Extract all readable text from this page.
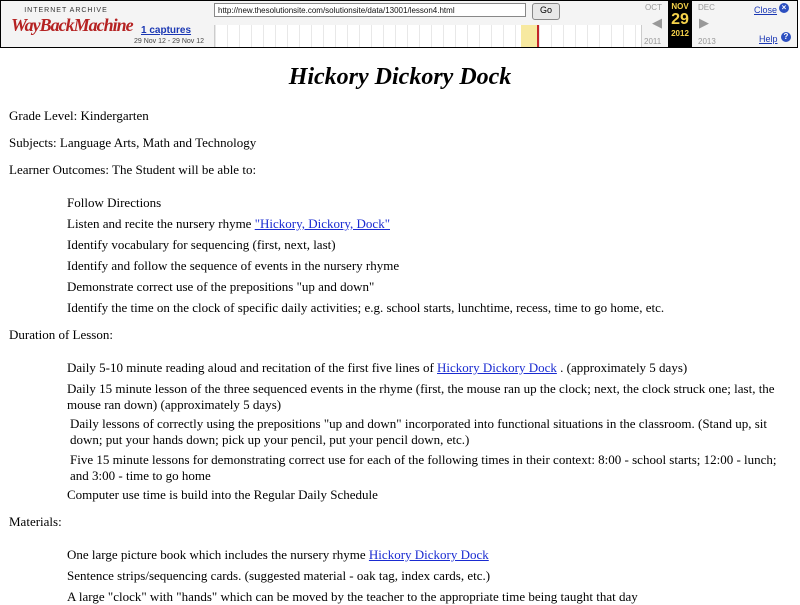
INTERNET ARCHIVE
WayBackMachine 1 captures
29 Nov 12 - 29 Nov 12
http://new.thesolutionsite.com/solutionsite/data/13001/lesson4.html	Go	OCT
◀
2011
NOV
29
2012
DEC
▶
2013
Close ×
Help ?
Hickory Dickory Dock
Grade Level: Kindergarten
Subjects: Language Arts, Math and Technology
Learner Outcomes: The Student will be able to:
Follow Directions
Listen and recite the nursery rhyme "Hickory, Dickory, Dock"
Identify vocabulary for sequencing (first, next, last)
Identify and follow the sequence of events in the nursery rhyme
Demonstrate correct use of the prepositions "up and down"
Identify the time on the clock of specific daily activities; e.g. school starts, lunchtime, recess, time to go home, etc.
Duration of Lesson:
Daily 5-10 minute reading aloud and recitation of the first five lines of Hickory Dickory Dock . (approximately 5 days)
Daily 15 minute lesson of the three sequenced events in the rhyme (first, the mouse ran up the clock; next, the clock struck one; last, the mouse ran down) (approximately 5 days)
Daily lessons of correctly using the prepositions "up and down" incorporated into functional situations in the classroom. (Stand up, sit down; put your hands down; pick up your pencil, put your pencil down, etc.)
Five 15 minute lessons for demonstrating correct use for each of the following times in their context: 8:00 - school starts; 12:00 - lunch; and 3:00 - time to go home
Computer use time is build into the Regular Daily Schedule
Materials:
One large picture book which includes the nursery rhyme Hickory Dickory Dock
Sentence strips/sequencing cards. (suggested material - oak tag, index cards, etc.)
A large "clock" with "hands" which can be moved by the teacher to the appropriate time being taught that day
